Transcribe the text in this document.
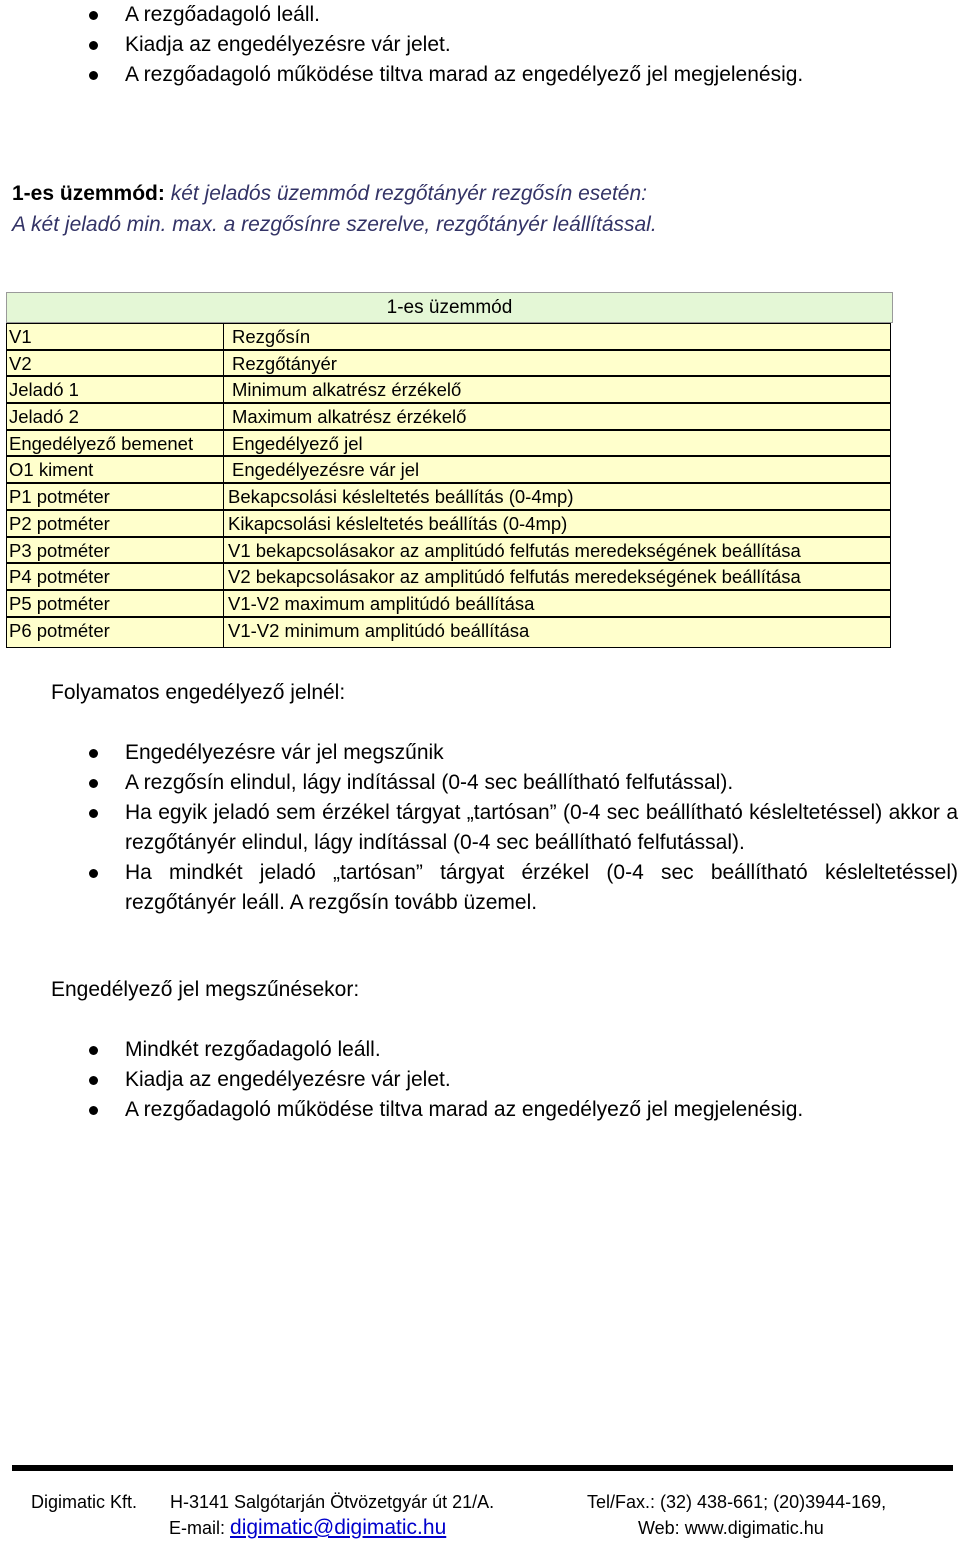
A rezgőadagoló leáll.
Kiadja az engedélyezésre vár jelet.
A rezgőadagoló működése tiltva marad az engedélyező jel megjelenésig.
1-es üzemmód: két jeladós üzemmód rezgőtányér rezgősín esetén:
A két jeladó min. max. a rezgősínre szerelve, rezgőtányér leállítással.
1-es üzemmód
V1	Rezgősín
V2	Rezgőtányér
Jeladó 1	Minimum alkatrész érzékelő
Jeladó 2	Maximum alkatrész érzékelő
Engedélyező bemenet	Engedélyező jel
O1 kiment	Engedélyezésre vár jel
P1 potméter	Bekapcsolási késleltetés beállítás (0-4mp)
P2 potméter	Kikapcsolási késleltetés beállítás (0-4mp)
P3 potméter	V1 bekapcsolásakor az amplitúdó felfutás meredekségének beállítása
P4 potméter	V2 bekapcsolásakor az amplitúdó felfutás meredekségének beállítása
P5 potméter	V1-V2 maximum amplitúdó beállítása
P6 potméter	V1-V2 minimum amplitúdó beállítása
Folyamatos engedélyező jelnél:
Engedélyezésre vár jel megszűnik
A rezgősín elindul, lágy indítással (0-4 sec beállítható felfutással).
Ha egyik jeladó sem érzékel tárgyat „tartósan” (0-4 sec beállítható késleltetéssel) akkor a rezgőtányér elindul, lágy indítással (0-4 sec beállítható felfutással).
Ha mindkét jeladó „tartósan” tárgyat érzékel (0-4 sec beállítható késleltetéssel) rezgőtányér leáll. A rezgősín tovább üzemel.
Engedélyező jel megszűnésekor:
Mindkét rezgőadagoló leáll.
Kiadja az engedélyezésre vár jelet.
A rezgőadagoló működése tiltva marad az engedélyező jel megjelenésig.
Digimatic Kft. H-3141 Salgótarján Ötvözetgyár út 21/A.	Tel/Fax.: (32) 438-661; (20)3944-169,
E-mail: digimatic@digimatic.hu	Web: www.digimatic.hu
